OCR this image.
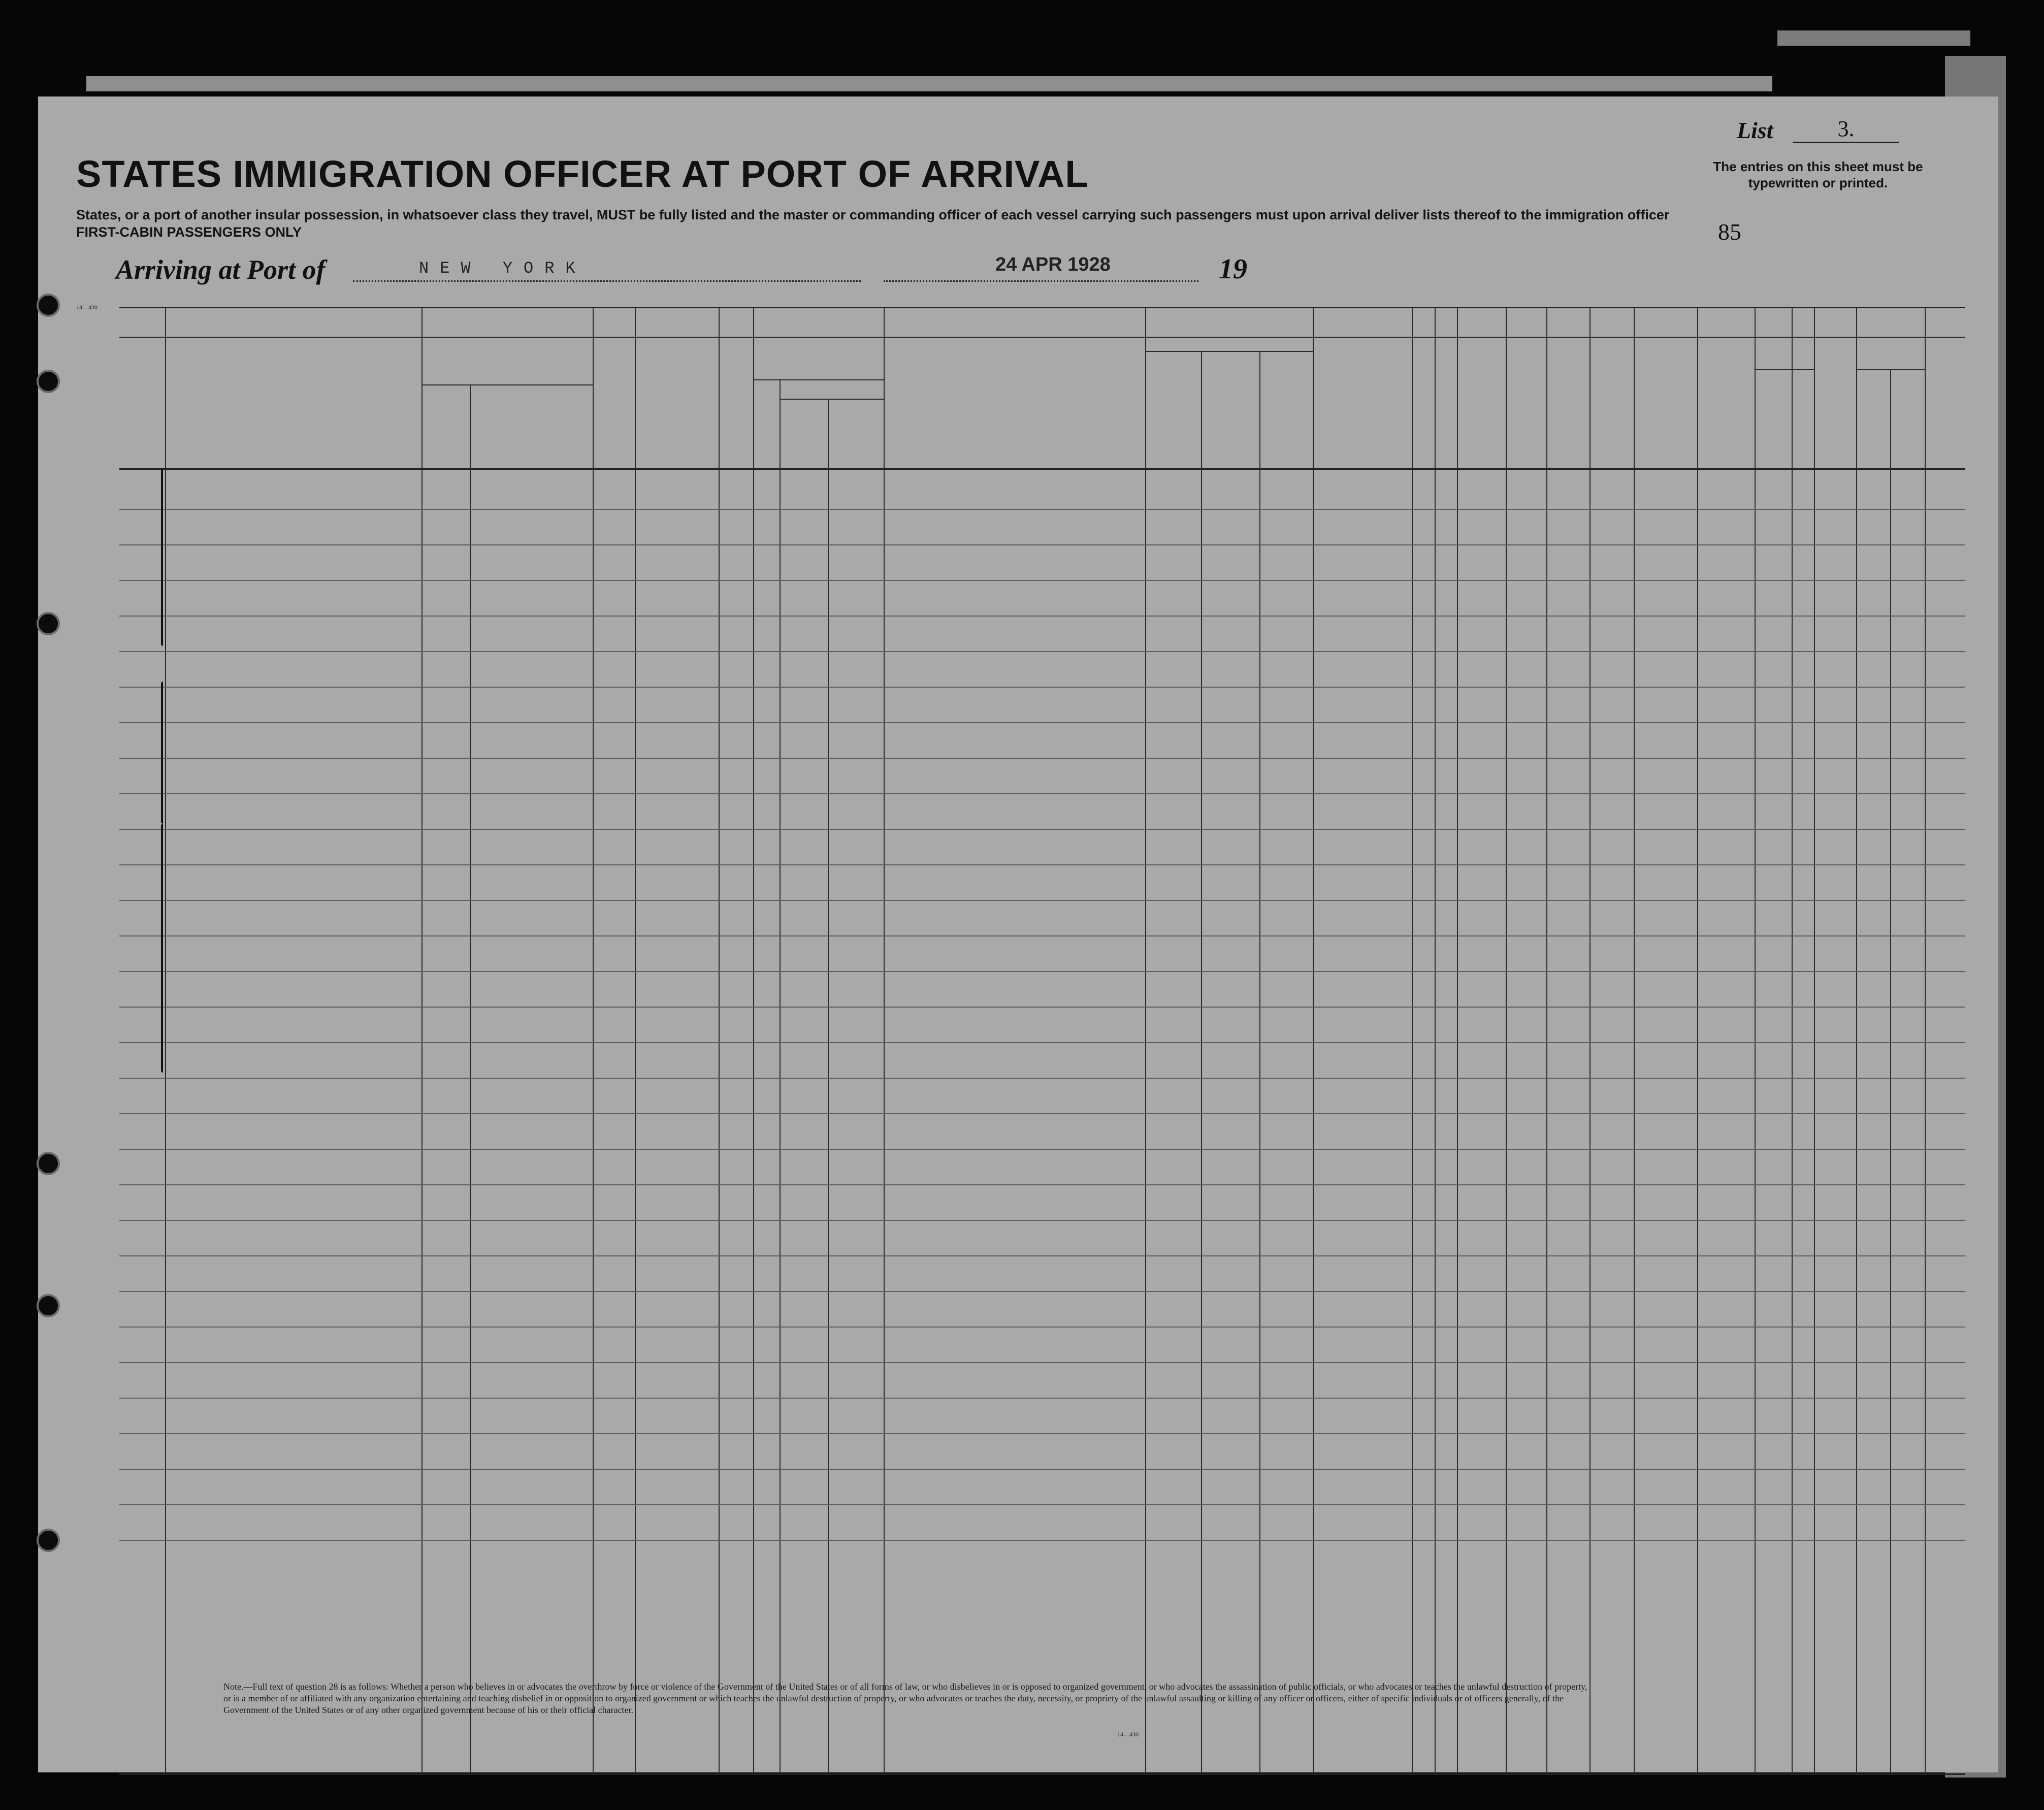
List	3.
STATES IMMIGRATION OFFICER AT PORT OF ARRIVAL	The entries on this sheet must be typewritten or printed.
States, or a port of another insular possession, in whatsoever class they travel, MUST be fully listed and the master or commanding officer of each vessel carrying such passengers must upon arrival deliver lists thereof to the immigration officer
FIRST-CABIN PASSENGERS ONLY	85
Arriving at Port of	NEW YORK	24 APR 1928	19
14—430
Note.—Full text of question 28 is as follows: Whether a person who believes in or advocates the overthrow by force or violence of the Government of the United States or of all forms of law, or who disbelieves in or is opposed to organized government, or who advocates the assassination of public officials, or who advocates or teaches the unlawful destruction of property, or is a member of or affiliated with any organization entertaining and teaching disbelief in or opposition to organized government or which teaches the unlawful destruction of property, or who advocates or teaches the duty, necessity, or propriety of the unlawful assaulting or killing of any officer or officers, either of specific individuals or of officers generally, of the Government of the United States or of any other organized government because of his or their official character.
14—430
